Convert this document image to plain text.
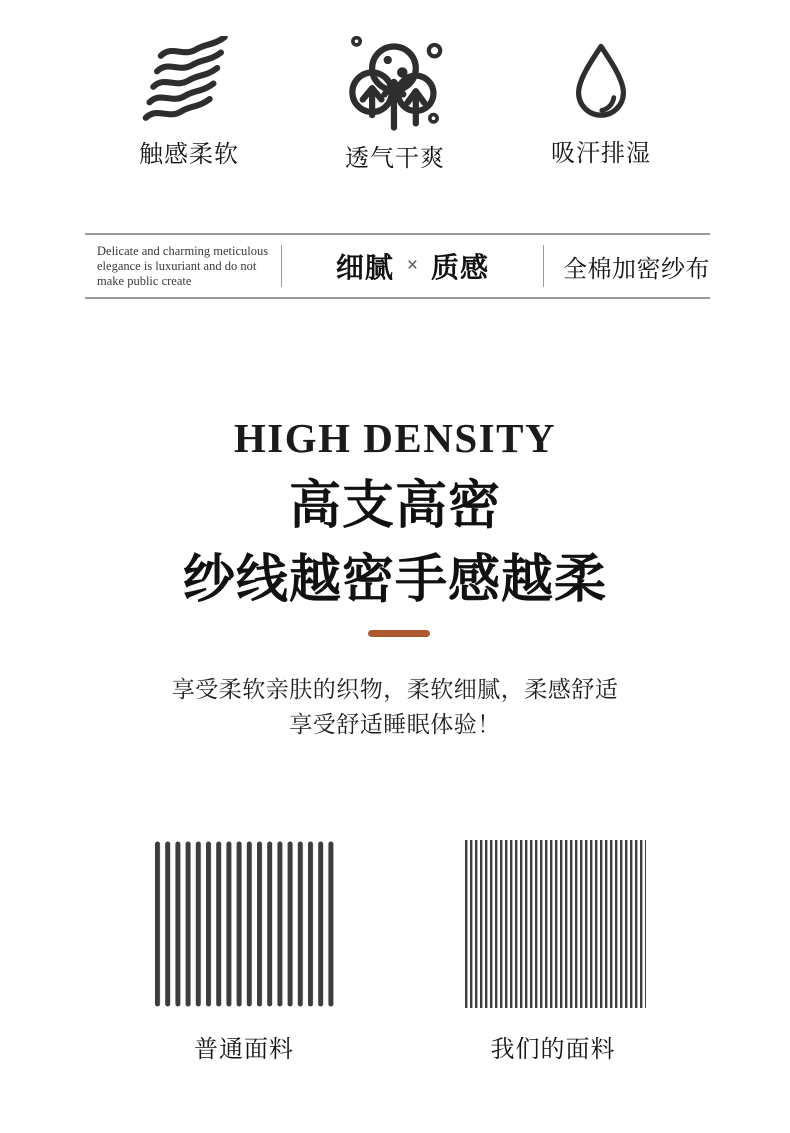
触感柔软	透气干爽	吸汗排湿
Delicate and charming meticulous
elegance is luxuriant and do not
make public create	细腻 × 质感	全棉加密纱布
HIGH DENSITY
高支高密
纱线越密手感越柔

享受柔软亲肤的织物，柔软细腻，柔感舒适

享受舒适睡眠体验！

普通面料	我们的面料
